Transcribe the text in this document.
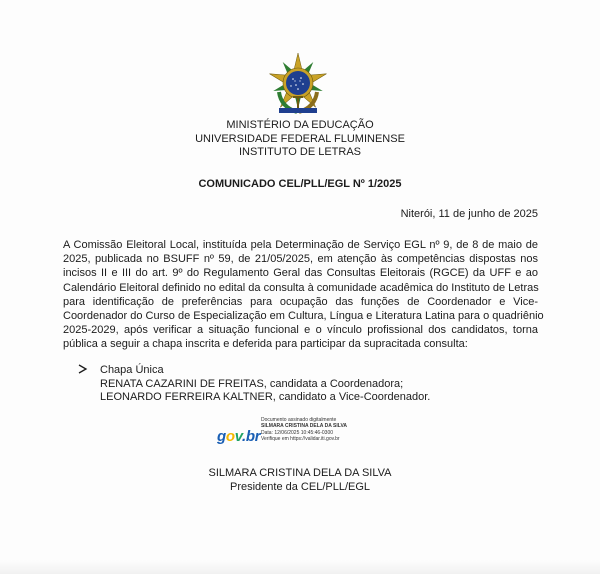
MINISTÉRIO DA EDUCAÇÃO
UNIVERSIDADE FEDERAL FLUMINENSE
INSTITUTO DE LETRAS
COMUNICADO CEL/PLL/EGL Nº 1/2025
Niterói, 11 de junho de 2025
A Comissão Eleitoral Local, instituída pela Determinação de Serviço EGL nº 9, de 8 de maio de
2025, publicada no BSUFF nº 59, de 21/05/2025, em atenção às competências dispostas nos
incisos II e III do art. 9º do Regulamento Geral das Consultas Eleitorais (RGCE) da UFF e ao
Calendário Eleitoral definido no edital da consulta à comunidade acadêmica do Instituto de Letras
para identificação de preferências para ocupação das funções de Coordenador e Vice-
Coordenador do Curso de Especialização em Cultura, Língua e Literatura Latina para o quadriênio
2025-2029, após verificar a situação funcional e o vínculo profissional dos candidatos, torna
pública a seguir a chapa inscrita e deferida para participar da supracitada consulta:
Chapa Única
RENATA CAZARINI DE FREITAS, candidata a Coordenadora;
LEONARDO FERREIRA KALTNER, candidato a Vice-Coordenador.
gov.br
Documento assinado digitalmente
SILMARA CRISTINA DELA DA SILVA
Data: 12/06/2025 10:45:46-0300
Verifique em https://validar.iti.gov.br
SILMARA CRISTINA DELA DA SILVA
Presidente da CEL/PLL/EGL
